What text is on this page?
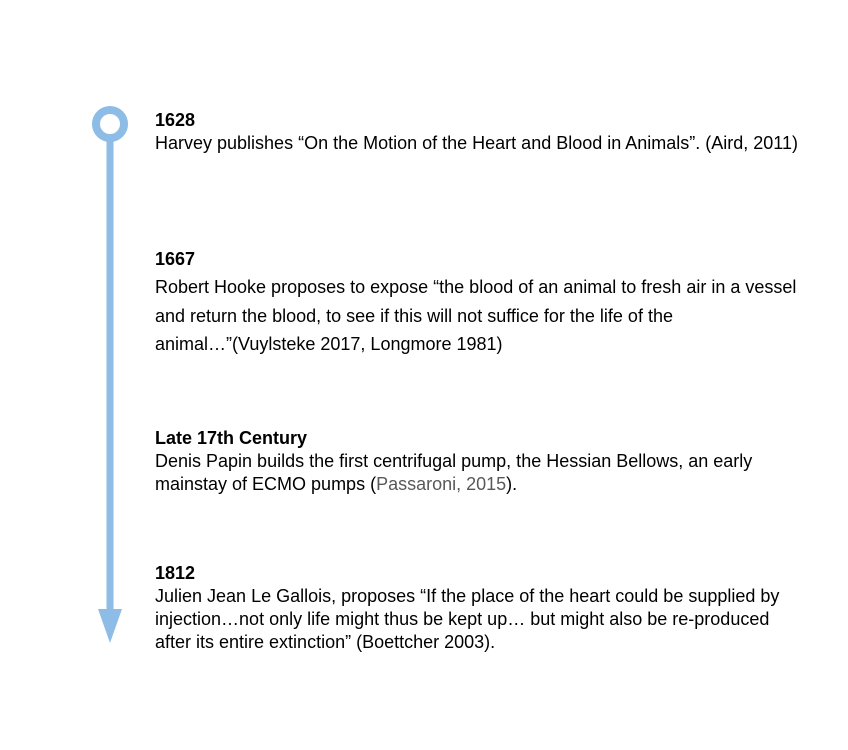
1628
Harvey publishes “On the Motion of the Heart and Blood in Animals”. (Aird, 2011)
1667
Robert Hooke proposes to expose “the blood of an animal to fresh air in a vessel and return the blood, to see if this will not suffice for the life of the animal…”(Vuylsteke 2017, Longmore 1981)
Late 17th Century
Denis Papin builds the first centrifugal pump, the Hessian Bellows, an early mainstay of ECMO pumps (Passaroni, 2015).
1812
Julien Jean Le Gallois, proposes “If the place of the heart could be supplied by injection…not only life might thus be kept up… but might also be re-produced after its entire extinction” (Boettcher 2003).
